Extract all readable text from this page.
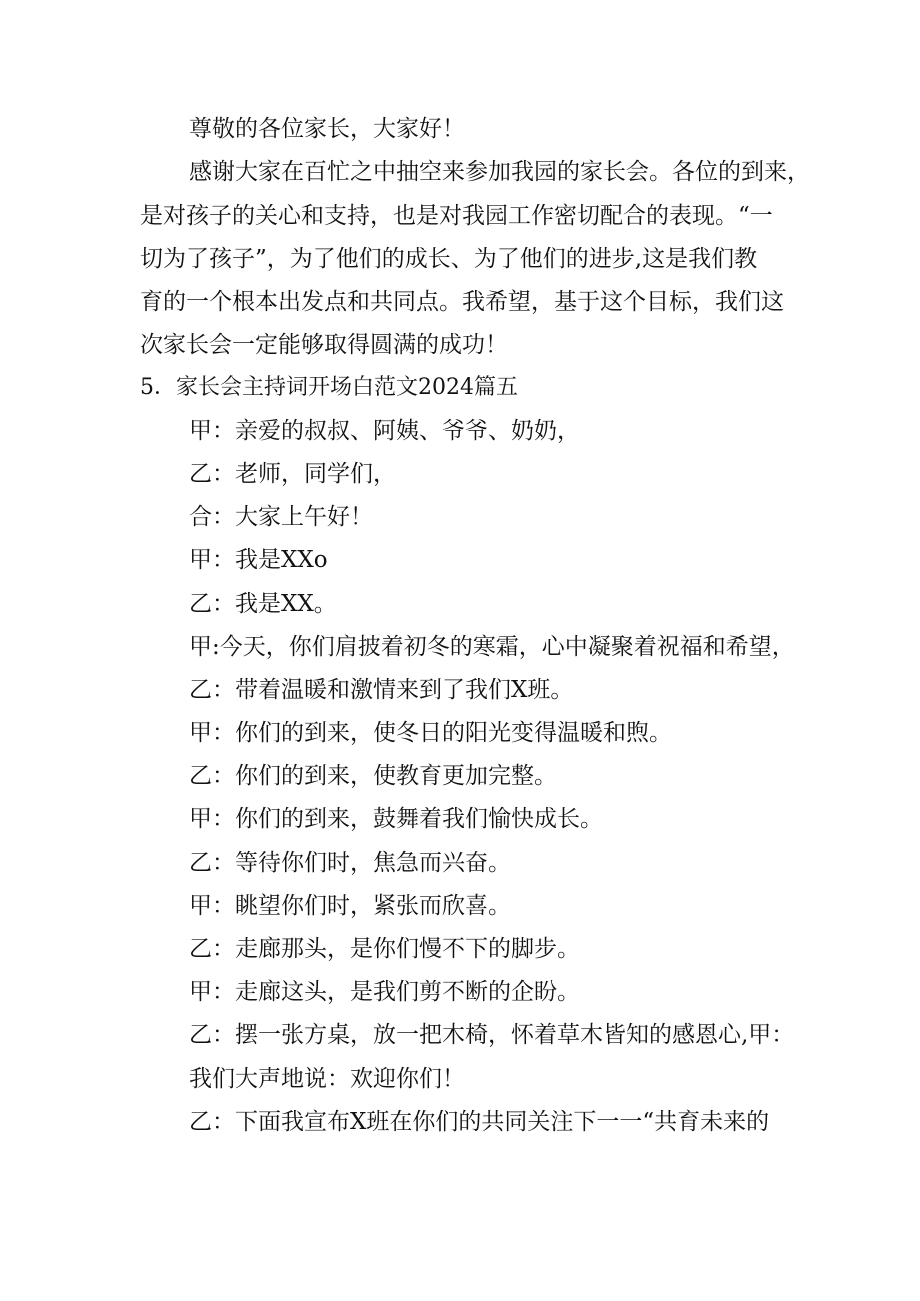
尊敬的各位家长，大家好！
感谢大家在百忙之中抽空来参加我园的家长会。各位的到来，
是对孩子的关心和支持，也是对我园工作密切配合的表现。“一
切为了孩子”，为了他们的成长、为了他们的进步,这是我们教
育的一个根本出发点和共同点。我希望，基于这个目标，我们这
次家长会一定能够取得圆满的成功！
5．家长会主持词开场白范文2024篇五
甲：亲爱的叔叔、阿姨、爷爷、奶奶，
乙：老师，同学们，
合：大家上午好！
甲：我是XXo
乙：我是XX。
甲:今天，你们肩披着初冬的寒霜，心中凝聚着祝福和希望，
乙：带着温暖和激情来到了我们X班。
甲：你们的到来，使冬日的阳光变得温暖和煦。
乙：你们的到来，使教育更加完整。
甲：你们的到来，鼓舞着我们愉快成长。
乙：等待你们时，焦急而兴奋。
甲：眺望你们时，紧张而欣喜。
乙：走廊那头，是你们慢不下的脚步。
甲：走廊这头，是我们剪不断的企盼。
乙：摆一张方桌，放一把木椅，怀着草木皆知的感恩心,甲：
我们大声地说：欢迎你们！
乙：下面我宣布X班在你们的共同关注下一一“共育未来的
